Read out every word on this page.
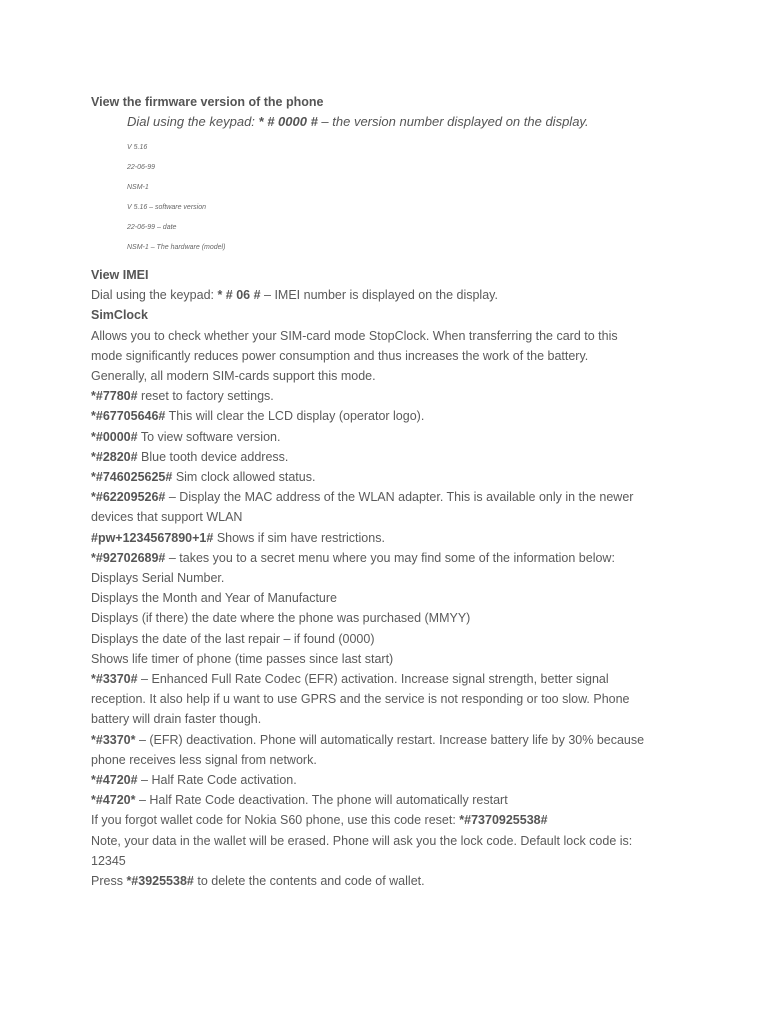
View the firmware version of the phone
Dial using the keypad: * # 0000 # – the version number displayed on the display.
V 5.16
22-06-99
NSM-1
V 5.16 – software version
22-06-99 – date
NSM-1 – The hardware (model)
View IMEI
Dial using the keypad: * # 06 # – IMEI number is displayed on the display.
SimClock
Allows you to check whether your SIM-card mode StopClock. When transferring the card to this
mode significantly reduces power consumption and thus increases the work of the battery.
Generally, all modern SIM-cards support this mode.
*#7780# reset to factory settings.
*#67705646# This will clear the LCD display (operator logo).
*#0000# To view software version.
*#2820# Blue tooth device address.
*#746025625# Sim clock allowed status.
*#62209526# – Display the MAC address of the WLAN adapter. This is available only in the newer
devices that support WLAN
#pw+1234567890+1# Shows if sim have restrictions.
*#92702689# – takes you to a secret menu where you may find some of the information below:
Displays Serial Number.
Displays the Month and Year of Manufacture
Displays (if there) the date where the phone was purchased (MMYY)
Displays the date of the last repair – if found (0000)
Shows life timer of phone (time passes since last start)
*#3370# – Enhanced Full Rate Codec (EFR) activation. Increase signal strength, better signal
reception. It also help if u want to use GPRS and the service is not responding or too slow. Phone
battery will drain faster though.
*#3370* – (EFR) deactivation. Phone will automatically restart. Increase battery life by 30% because
phone receives less signal from network.
*#4720# – Half Rate Code activation.
*#4720* – Half Rate Code deactivation. The phone will automatically restart
If you forgot wallet code for Nokia S60 phone, use this code reset: *#7370925538#
Note, your data in the wallet will be erased. Phone will ask you the lock code. Default lock code is:
12345
Press *#3925538# to delete the contents and code of wallet.
